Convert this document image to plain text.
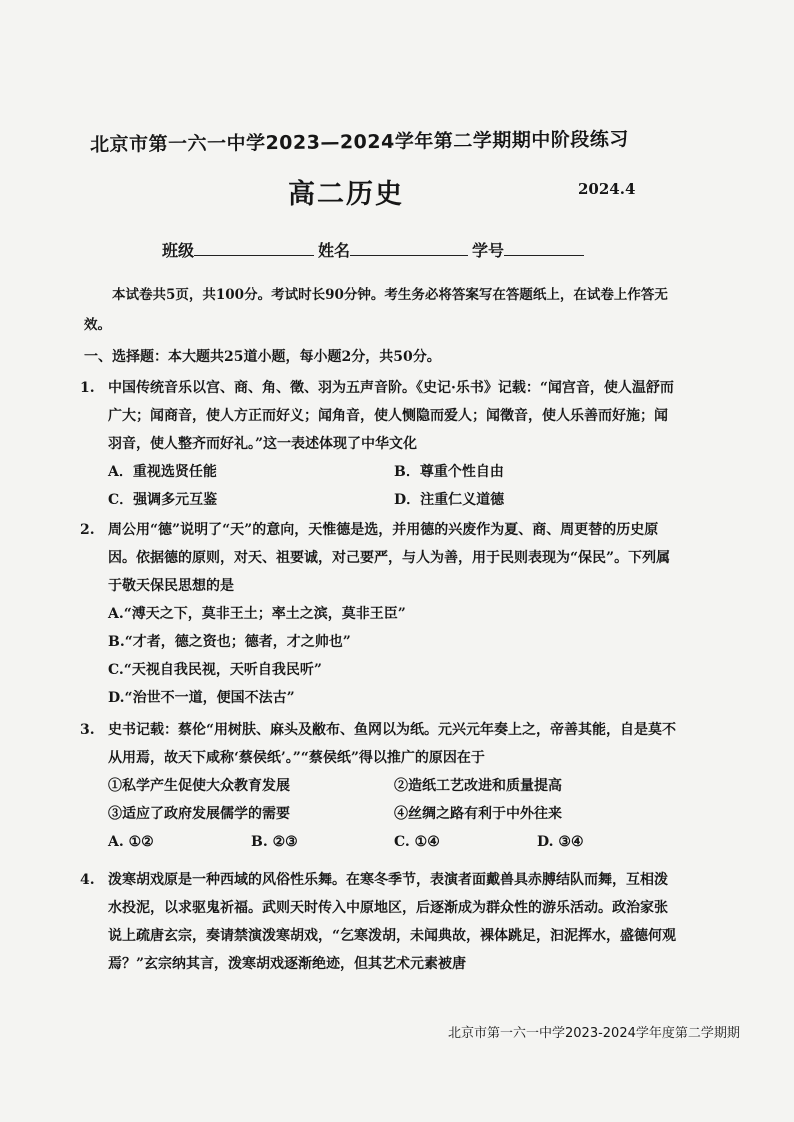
北京市第一六一中学2023—2024学年第二学期期中阶段练习
高二历史	2024.4
班级	姓名	学号
本试卷共5页，共100分。考试时长90分钟。考生务必将答案写在答题纸上，在试卷上作答无效。
一、选择题：本大题共25道小题，每小题2分，共50分。
1. 中国传统音乐以宫、商、角、徵、羽为五声音阶。《史记·乐书》记载：“闻宫音，使人温舒而广大；闻商音，使人方正而好义；闻角音，使人恻隐而爱人；闻徵音，使人乐善而好施；闻羽音，使人整齐而好礼。”这一表述体现了中华文化
A．重视选贤任能	B．尊重个性自由
C．强调多元互鉴	D．注重仁义道德
2. 周公用“德”说明了“天”的意向，天惟德是选，并用德的兴废作为夏、商、周更替的历史原因。依据德的原则，对天、祖要诚，对己要严，与人为善，用于民则表现为“保民”。下列属于敬天保民思想的是
A.“溥天之下，莫非王土；率土之滨，莫非王臣”
B.“才者，德之资也；德者，才之帅也”
C.“天视自我民视，天听自我民听”
D.“治世不一道，便国不法古”
3. 史书记载：蔡伦“用树肤、麻头及敝布、鱼网以为纸。元兴元年奏上之，帝善其能，自是莫不从用焉，故天下咸称‘蔡侯纸’。”“蔡侯纸”得以推广的原因在于
①私学产生促使大众教育发展	②造纸工艺改进和质量提高
③适应了政府发展儒学的需要	④丝绸之路有利于中外往来
A. ①②	B. ②③	C. ①④	D. ③④
4. 泼寒胡戏原是一种西域的风俗性乐舞。在寒冬季节，表演者面戴兽具赤膊结队而舞，互相泼水投泥，以求驱鬼祈福。武则天时传入中原地区，后逐渐成为群众性的游乐活动。政治家张说上疏唐玄宗，奏请禁演泼寒胡戏，“乞寒泼胡，未闻典故，裸体跳足，汩泥挥水，盛德何观焉？”玄宗纳其言，泼寒胡戏逐渐绝迹，但其艺术元素被唐
北京市第一六一中学2023-2024学年度第二学期期
